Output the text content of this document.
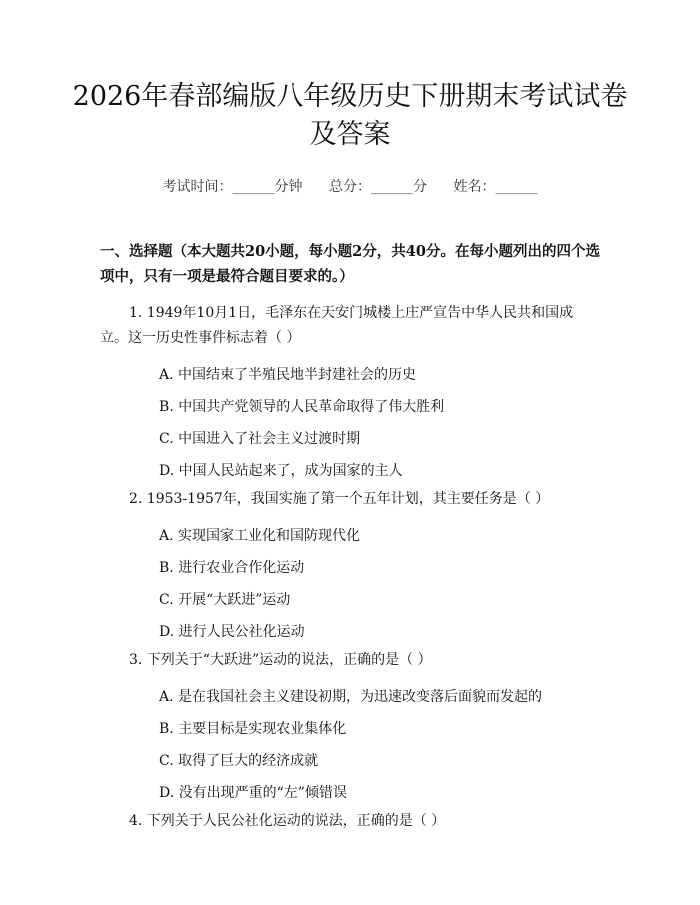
2026年春部编版八年级历史下册期末考试试卷及答案
考试时间：______分钟 总分：______分 姓名：______
一、选择题（本大题共20小题，每小题2分，共40分。在每小题列出的四个选项中，只有一项是最符合题目要求的。）
1. 1949年10月1日，毛泽东在天安门城楼上庄严宣告中华人民共和国成立。这一历史性事件标志着（ ）
A. 中国结束了半殖民地半封建社会的历史
B. 中国共产党领导的人民革命取得了伟大胜利
C. 中国进入了社会主义过渡时期
D. 中国人民站起来了，成为国家的主人
2. 1953-1957年，我国实施了第一个五年计划，其主要任务是（ ）
A. 实现国家工业化和国防现代化
B. 进行农业合作化运动
C. 开展“大跃进”运动
D. 进行人民公社化运动
3. 下列关于“大跃进”运动的说法，正确的是（ ）
A. 是在我国社会主义建设初期，为迅速改变落后面貌而发起的
B. 主要目标是实现农业集体化
C. 取得了巨大的经济成就
D. 没有出现严重的“左”倾错误
4. 下列关于人民公社化运动的说法，正确的是（ ）
